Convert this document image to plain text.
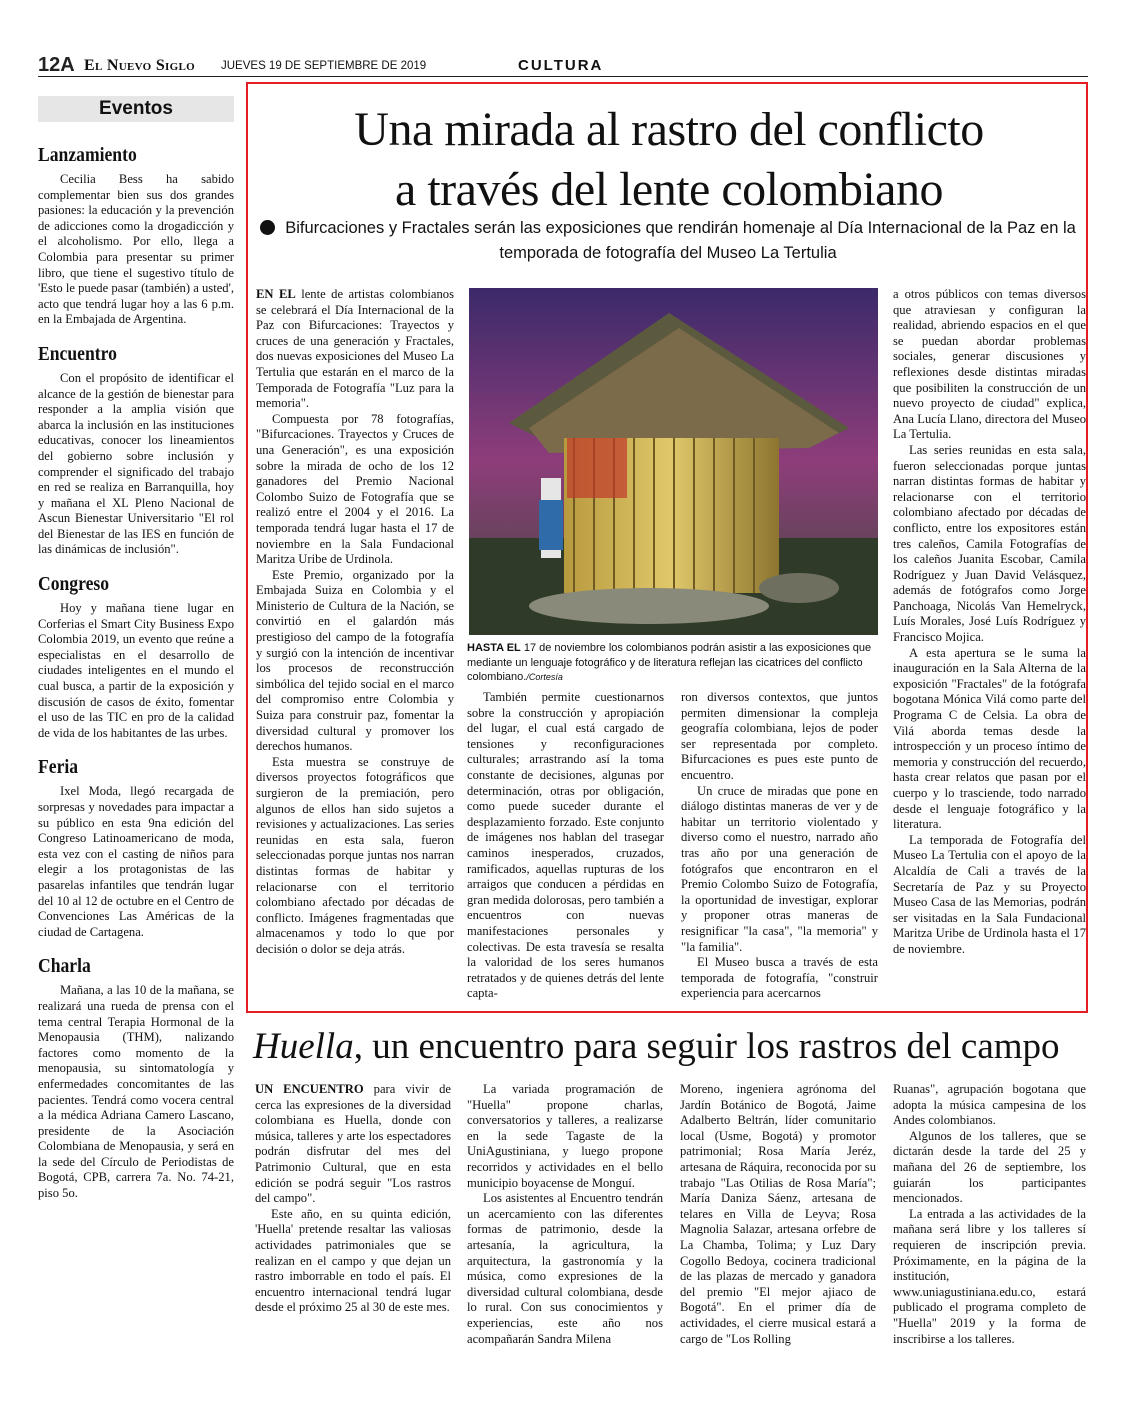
12A El Nuevo Siglo JUEVES 19 DE SEPTIEMBRE DE 2019	CULTURA
Eventos
Lanzamiento

Cecilia Bess ha sabido complementar bien sus dos grandes pasiones: la educación y la prevención de adicciones como la drogadicción y el alcoholismo. Por ello, llega a Colombia para presentar su primer libro, que tiene el sugestivo título de 'Esto le puede pasar (también) a usted', acto que tendrá lugar hoy a las 6 p.m. en la Embajada de Argentina.

Encuentro

Con el propósito de identificar el alcance de la gestión de bienestar para responder a la amplia visión que abarca la inclusión en las instituciones educativas, conocer los lineamientos del gobierno sobre inclusión y comprender el significado del trabajo en red se realiza en Barranquilla, hoy y mañana el XL Pleno Nacional de Ascun Bienestar Universitario "El rol del Bienestar de las IES en función de las dinámicas de inclusión".

Congreso

Hoy y mañana tiene lugar en Corferias el Smart City Business Expo Colombia 2019, un evento que reúne a especialistas en el desarrollo de ciudades inteligentes en el mundo el cual busca, a partir de la exposición y discusión de casos de éxito, fomentar el uso de las TIC en pro de la calidad de vida de los habitantes de las urbes.

Feria

Ixel Moda, llegó recargada de sorpresas y novedades para impactar a su público en esta 9na edición del Congreso Latinoamericano de moda, esta vez con el casting de niños para elegir a los protagonistas de las pasarelas infantiles que tendrán lugar del 10 al 12 de octubre en el Centro de Convenciones Las Américas de la ciudad de Cartagena.

Charla

Mañana, a las 10 de la mañana, se realizará una rueda de prensa con el tema central Terapia Hormonal de la Menopausia (THM), nalizando factores como momento de la menopausia, su sintomatología y enfermedades concomitantes de las pacientes. Tendrá como vocera central a la médica Adriana Camero Lascano, presidente de la Asociación Colombiana de Menopausia, y será en la sede del Círculo de Periodistas de Bogotá, CPB, carrera 7a. No. 74-21, piso 5o.

Una mirada al rastro del conflicto
a través del lente colombiano
Bifurcaciones y Fractales serán las exposiciones que rendirán homenaje al Día Internacional de la Paz en la temporada de fotografía del Museo La Tertulia

EN EL lente de artistas colombianos se celebrará el Día Internacional de la Paz con Bifurcaciones: Trayectos y cruces de una generación y Fractales, dos nuevas exposiciones del Museo La Tertulia que estarán en el marco de la Temporada de Fotografía "Luz para la memoria".

Compuesta por 78 fotografías, "Bifurcaciones. Trayectos y Cruces de una Generación", es una exposición sobre la mirada de ocho de los 12 ganadores del Premio Nacional Colombo Suizo de Fotografía que se realizó entre el 2004 y el 2016. La temporada tendrá lugar hasta el 17 de noviembre en la Sala Fundacional Maritza Uribe de Urdinola.

Este Premio, organizado por la Embajada Suiza en Colombia y el Ministerio de Cultura de la Nación, se convirtió en el galardón más prestigioso del campo de la fotografía y surgió con la intención de incentivar los procesos de reconstrucción simbólica del tejido social en el marco del compromiso entre Colombia y Suiza para construir paz, fomentar la diversidad cultural y promover los derechos humanos.

Esta muestra se construye de diversos proyectos fotográficos que surgieron de la premiación, pero algunos de ellos han sido sujetos a revisiones y actualizaciones. Las series reunidas en esta sala, fueron seleccionadas porque juntas nos narran distintas formas de habitar y relacionarse con el territorio colombiano afectado por décadas de conflicto. Imágenes fragmentadas que almacenamos y todo lo que por decisión o dolor se deja atrás.

HASTA EL 17 de noviembre los colombianos podrán asistir a las exposiciones que mediante un lenguaje fotográfico y de literatura reflejan las cicatrices del conflicto colombiano./Cortesía

También permite cuestionarnos sobre la construcción y apropiación del lugar, el cual está cargado de tensiones y reconfiguraciones culturales; arrastrando así la toma constante de decisiones, algunas por determinación, otras por obligación, como puede suceder durante el desplazamiento forzado. Este conjunto de imágenes nos hablan del trasegar caminos inesperados, cruzados, ramificados, aquellas rupturas de los arraigos que conducen a pérdidas en gran medida dolorosas, pero también a encuentros con nuevas manifestaciones personales y colectivas. De esta travesía se resalta la valoridad de los seres humanos retratados y de quienes detrás del lente capta-

ron diversos contextos, que juntos permiten dimensionar la compleja geografía colombiana, lejos de poder ser representada por completo. Bifurcaciones es pues este punto de encuentro.

Un cruce de miradas que pone en diálogo distintas maneras de ver y de habitar un territorio violentado y diverso como el nuestro, narrado año tras año por una generación de fotógrafos que encontraron en el Premio Colombo Suizo de Fotografía, la oportunidad de investigar, explorar y proponer otras maneras de resignificar "la casa", "la memoria" y "la familia".

El Museo busca a través de esta temporada de fotografía, "construir experiencia para acercarnos

a otros públicos con temas diversos que atraviesan y configuran la realidad, abriendo espacios en el que se puedan abordar problemas sociales, generar discusiones y reflexiones desde distintas miradas que posibiliten la construcción de un nuevo proyecto de ciudad" explica, Ana Lucía Llano, directora del Museo La Tertulia.

Las series reunidas en esta sala, fueron seleccionadas porque juntas narran distintas formas de habitar y relacionarse con el territorio colombiano afectado por décadas de conflicto, entre los expositores están tres caleños, Camila Fotografías de los caleños Juanita Escobar, Camila Rodríguez y Juan David Velásquez, además de fotógrafos como Jorge Panchoaga, Nicolás Van Hemelryck, Luís Morales, José Luís Rodríguez y Francisco Mojica.

A esta apertura se le suma la inauguración en la Sala Alterna de la exposición "Fractales" de la fotógrafa bogotana Mónica Vilá como parte del Programa C de Celsia. La obra de Vilá aborda temas desde la introspección y un proceso íntimo de memoria y construcción del recuerdo, hasta crear relatos que pasan por el cuerpo y lo trasciende, todo narrado desde el lenguaje fotográfico y la literatura.

La temporada de Fotografía del Museo La Tertulia con el apoyo de la Alcaldía de Cali a través de la Secretaría de Paz y su Proyecto Museo Casa de las Memorias, podrán ser visitadas en la Sala Fundacional Maritza Uribe de Urdinola hasta el 17 de noviembre.

Huella, un encuentro para seguir los rastros del campo

UN ENCUENTRO para vivir de cerca las expresiones de la diversidad colombiana es Huella, donde con música, talleres y arte los espectadores podrán disfrutar del mes del Patrimonio Cultural, que en esta edición se podrá seguir "Los rastros del campo".

Este año, en su quinta edición, 'Huella' pretende resaltar las valiosas actividades patrimoniales que se realizan en el campo y que dejan un rastro imborrable en todo el país. El encuentro internacional tendrá lugar desde el próximo 25 al 30 de este mes.

La variada programación de "Huella" propone charlas, conversatorios y talleres, a realizarse en la sede Tagaste de la UniAgustiniana, y luego propone recorridos y actividades en el bello municipio boyacense de Monguí.

Los asistentes al Encuentro tendrán un acercamiento con las diferentes formas de patrimonio, desde la artesanía, la agricultura, la arquitectura, la gastronomía y la música, como expresiones de la diversidad cultural colombiana, desde lo rural. Con sus conocimientos y experiencias, este año nos acompañarán Sandra Milena

Moreno, ingeniera agrónoma del Jardín Botánico de Bogotá, Jaime Adalberto Beltrán, líder comunitario local (Usme, Bogotá) y promotor patrimonial; Rosa María Jeréz, artesana de Ráquira, reconocida por su trabajo "Las Otilias de Rosa María"; María Daniza Sáenz, artesana de telares en Villa de Leyva; Rosa Magnolia Salazar, artesana orfebre de La Chamba, Tolima; y Luz Dary Cogollo Bedoya, cocinera tradicional de las plazas de mercado y ganadora del premio "El mejor ajiaco de Bogotá". En el primer día de actividades, el cierre musical estará a cargo de "Los Rolling

Ruanas", agrupación bogotana que adopta la música campesina de los Andes colombianos.

Algunos de los talleres, que se dictarán desde la tarde del 25 y mañana del 26 de septiembre, los guiarán los participantes mencionados.

La entrada a las actividades de la mañana será libre y los talleres sí requieren de inscripción previa. Próximamente, en la página de la institución, www.uniagustiniana.edu.co, estará publicado el programa completo de "Huella" 2019 y la forma de inscribirse a los talleres.
